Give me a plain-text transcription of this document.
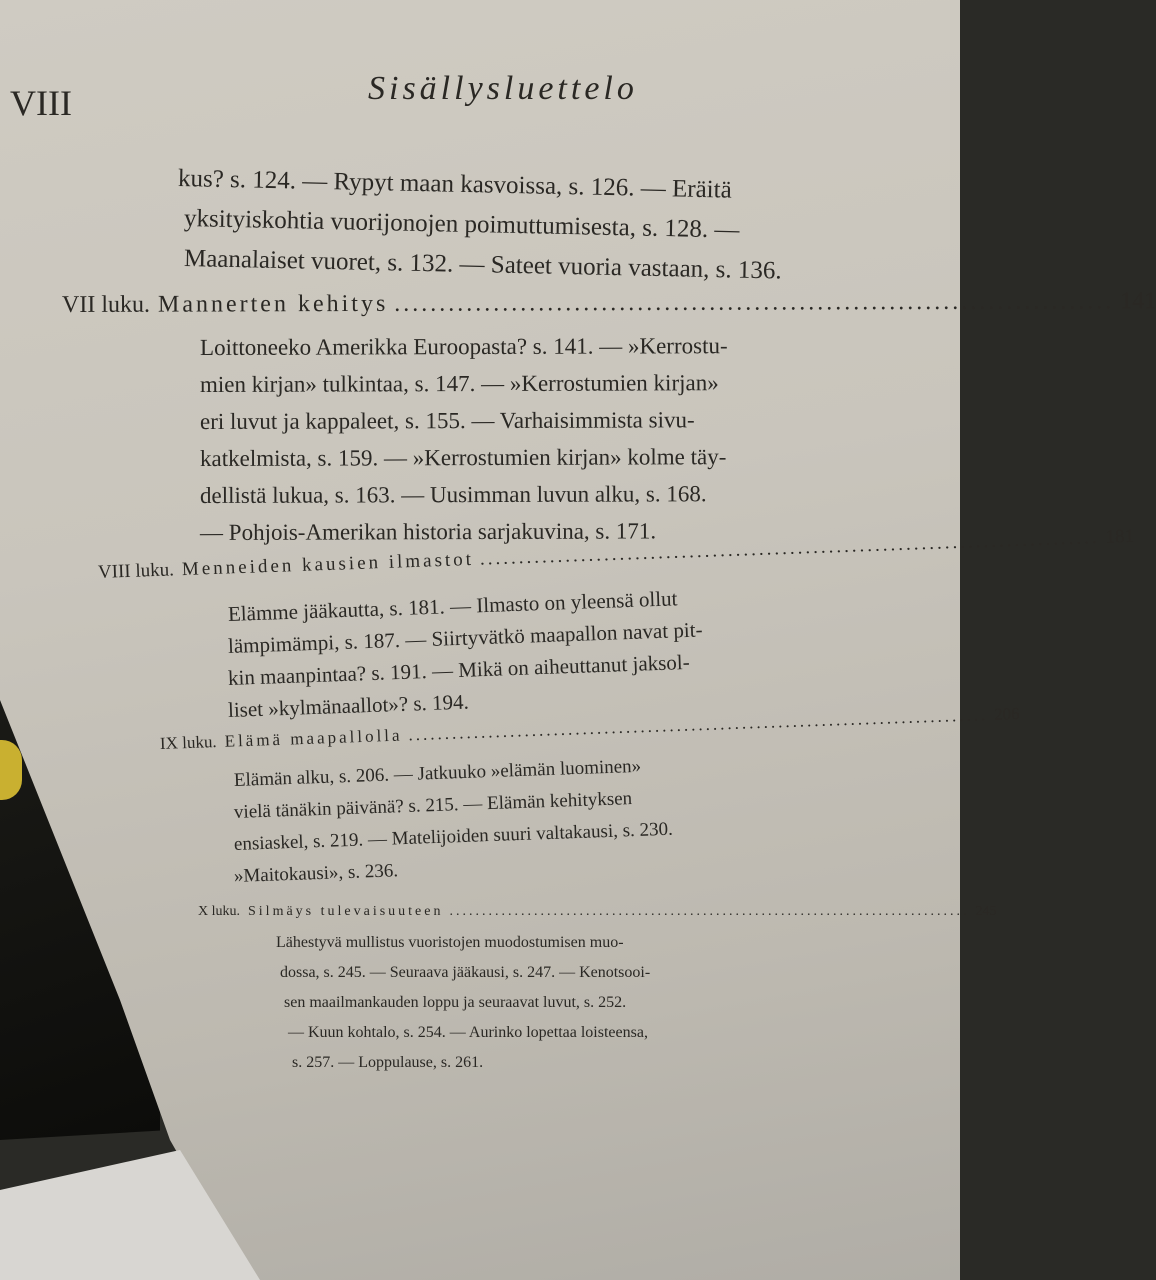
VIII	Sisällysluettelo
kus? s. 124. — Rypyt maan kasvoissa, s. 126. — Eräitä
yksityiskohtia vuorijonojen poimuttumisesta, s. 128. —
Maanalaiset vuoret, s. 132. — Sateet vuoria vastaan, s. 136.
VII luku. Mannerten kehitys ................................................................................ 141
Loittoneeko Amerikka Euroopasta? s. 141. — »Kerrostu-
mien kirjan» tulkintaa, s. 147. — »Kerrostumien kirjan»
eri luvut ja kappaleet, s. 155. — Varhaisimmista sivu-
katkelmista, s. 159. — »Kerrostumien kirjan» kolme täy-
dellistä lukua, s. 163. — Uusimman luvun alku, s. 168.
— Pohjois-Amerikan historia sarjakuvina, s. 171.
VIII luku. Menneiden kausien ilmastot ................................................................................ 181
Elämme jääkautta, s. 181. — Ilmasto on yleensä ollut
lämpimämpi, s. 187. — Siirtyvätkö maapallon navat pit-
kin maanpintaa? s. 191. — Mikä on aiheuttanut jaksol-
liset »kylmänaallot»? s. 194.
IX luku. Elämä maapallolla ................................................................................ 206
Elämän alku, s. 206. — Jatkuuko »elämän luominen»
vielä tänäkin päivänä? s. 215. — Elämän kehityksen
ensiaskel, s. 219. — Matelijoiden suuri valtakausi, s. 230.
»Maitokausi», s. 236.
X luku. Silmäys tulevaisuuteen ................................................................................ 245
Lähestyvä mullistus vuoristojen muodostumisen muo-
dossa, s. 245. — Seuraava jääkausi, s. 247. — Kenotsooi-
sen maailmankauden loppu ja seuraavat luvut, s. 252.
— Kuun kohtalo, s. 254. — Aurinko lopettaa loisteensa,
s. 257. — Loppulause, s. 261.
